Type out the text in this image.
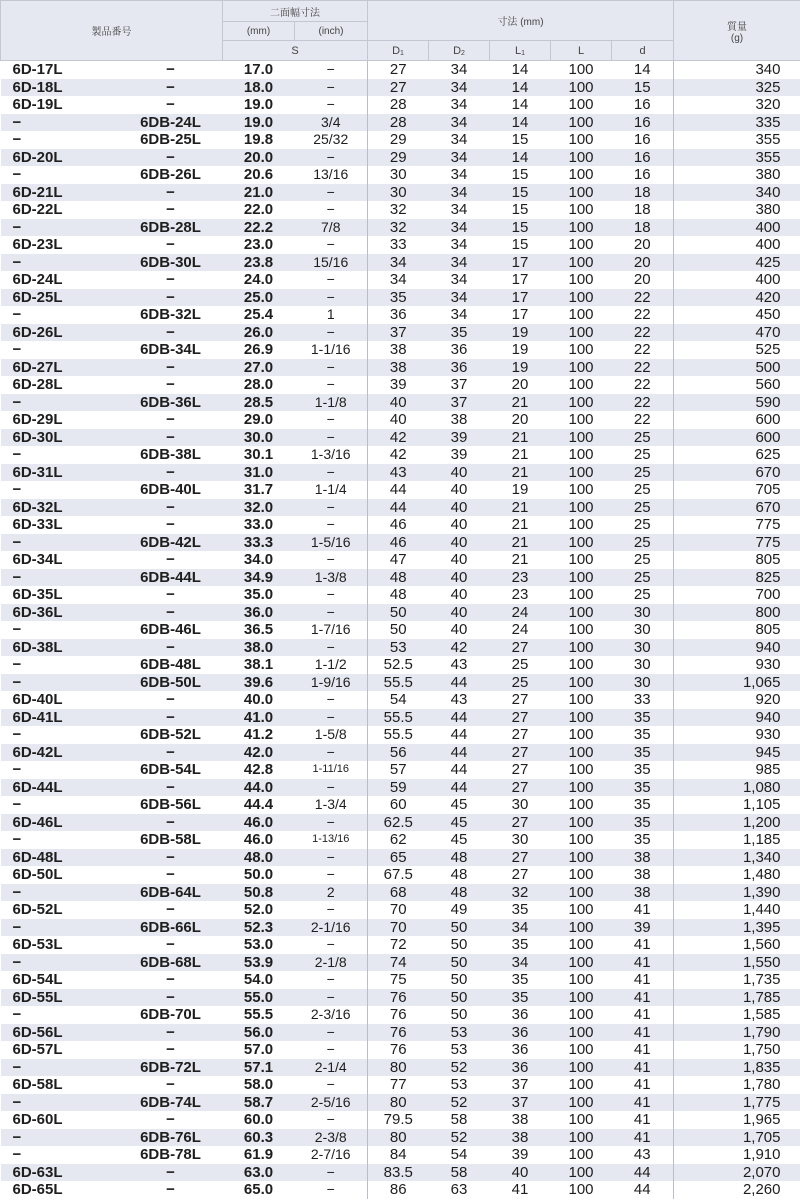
製品番号		二面幅寸法		寸法 (mm)					質量
(g)
		(mm)	(inch)						
		S		$D_1$	$D_2$	$L_1$	L	d	
6D-17L	−	17.0	−	27	34	14	100	14	340
6D-18L	−	18.0	−	27	34	14	100	15	325
6D-19L	−	19.0	−	28	34	14	100	16	320
−	6DB-24L	19.0	3/4	28	34	14	100	16	335
−	6DB-25L	19.8	25/32	29	34	15	100	16	355
6D-20L	−	20.0	−	29	34	14	100	16	355
−	6DB-26L	20.6	13/16	30	34	15	100	16	380
6D-21L	−	21.0	−	30	34	15	100	18	340
6D-22L	−	22.0	−	32	34	15	100	18	380
−	6DB-28L	22.2	7/8	32	34	15	100	18	400
6D-23L	−	23.0	−	33	34	15	100	20	400
−	6DB-30L	23.8	15/16	34	34	17	100	20	425
6D-24L	−	24.0	−	34	34	17	100	20	400
6D-25L	−	25.0	−	35	34	17	100	22	420
−	6DB-32L	25.4	1	36	34	17	100	22	450
6D-26L	−	26.0	−	37	35	19	100	22	470
−	6DB-34L	26.9	1-1/16	38	36	19	100	22	525
6D-27L	−	27.0	−	38	36	19	100	22	500
6D-28L	−	28.0	−	39	37	20	100	22	560
−	6DB-36L	28.5	1-1/8	40	37	21	100	22	590
6D-29L	−	29.0	−	40	38	20	100	22	600
6D-30L	−	30.0	−	42	39	21	100	25	600
−	6DB-38L	30.1	1-3/16	42	39	21	100	25	625
6D-31L	−	31.0	−	43	40	21	100	25	670
−	6DB-40L	31.7	1-1/4	44	40	19	100	25	705
6D-32L	−	32.0	−	44	40	21	100	25	670
6D-33L	−	33.0	−	46	40	21	100	25	775
−	6DB-42L	33.3	1-5/16	46	40	21	100	25	775
6D-34L	−	34.0	−	47	40	21	100	25	805
−	6DB-44L	34.9	1-3/8	48	40	23	100	25	825
6D-35L	−	35.0	−	48	40	23	100	25	700
6D-36L	−	36.0	−	50	40	24	100	30	800
−	6DB-46L	36.5	1-7/16	50	40	24	100	30	805
6D-38L	−	38.0	−	53	42	27	100	30	940
−	6DB-48L	38.1	1-1/2	52.5	43	25	100	30	930
−	6DB-50L	39.6	1-9/16	55.5	44	25	100	30	1,065
6D-40L	−	40.0	−	54	43	27	100	33	920
6D-41L	−	41.0	−	55.5	44	27	100	35	940
−	6DB-52L	41.2	1-5/8	55.5	44	27	100	35	930
6D-42L	−	42.0	−	56	44	27	100	35	945
−	6DB-54L	42.8	1-11/16	57	44	27	100	35	985
6D-44L	−	44.0	−	59	44	27	100	35	1,080
−	6DB-56L	44.4	1-3/4	60	45	30	100	35	1,105
6D-46L	−	46.0	−	62.5	45	27	100	35	1,200
−	6DB-58L	46.0	1-13/16	62	45	30	100	35	1,185
6D-48L	−	48.0	−	65	48	27	100	38	1,340
6D-50L	−	50.0	−	67.5	48	27	100	38	1,480
−	6DB-64L	50.8	2	68	48	32	100	38	1,390
6D-52L	−	52.0	−	70	49	35	100	41	1,440
−	6DB-66L	52.3	2-1/16	70	50	34	100	39	1,395
6D-53L	−	53.0	−	72	50	35	100	41	1,560
−	6DB-68L	53.9	2-1/8	74	50	34	100	41	1,550
6D-54L	−	54.0	−	75	50	35	100	41	1,735
6D-55L	−	55.0	−	76	50	35	100	41	1,785
−	6DB-70L	55.5	2-3/16	76	50	36	100	41	1,585
6D-56L	−	56.0	−	76	53	36	100	41	1,790
6D-57L	−	57.0	−	76	53	36	100	41	1,750
−	6DB-72L	57.1	2-1/4	80	52	36	100	41	1,835
6D-58L	−	58.0	−	77	53	37	100	41	1,780
−	6DB-74L	58.7	2-5/16	80	52	37	100	41	1,775
6D-60L	−	60.0	−	79.5	58	38	100	41	1,965
−	6DB-76L	60.3	2-3/8	80	52	38	100	41	1,705
−	6DB-78L	61.9	2-7/16	84	54	39	100	43	1,910
6D-63L	−	63.0	−	83.5	58	40	100	44	2,070
6D-65L	−	65.0	−	86	63	41	100	44	2,260
